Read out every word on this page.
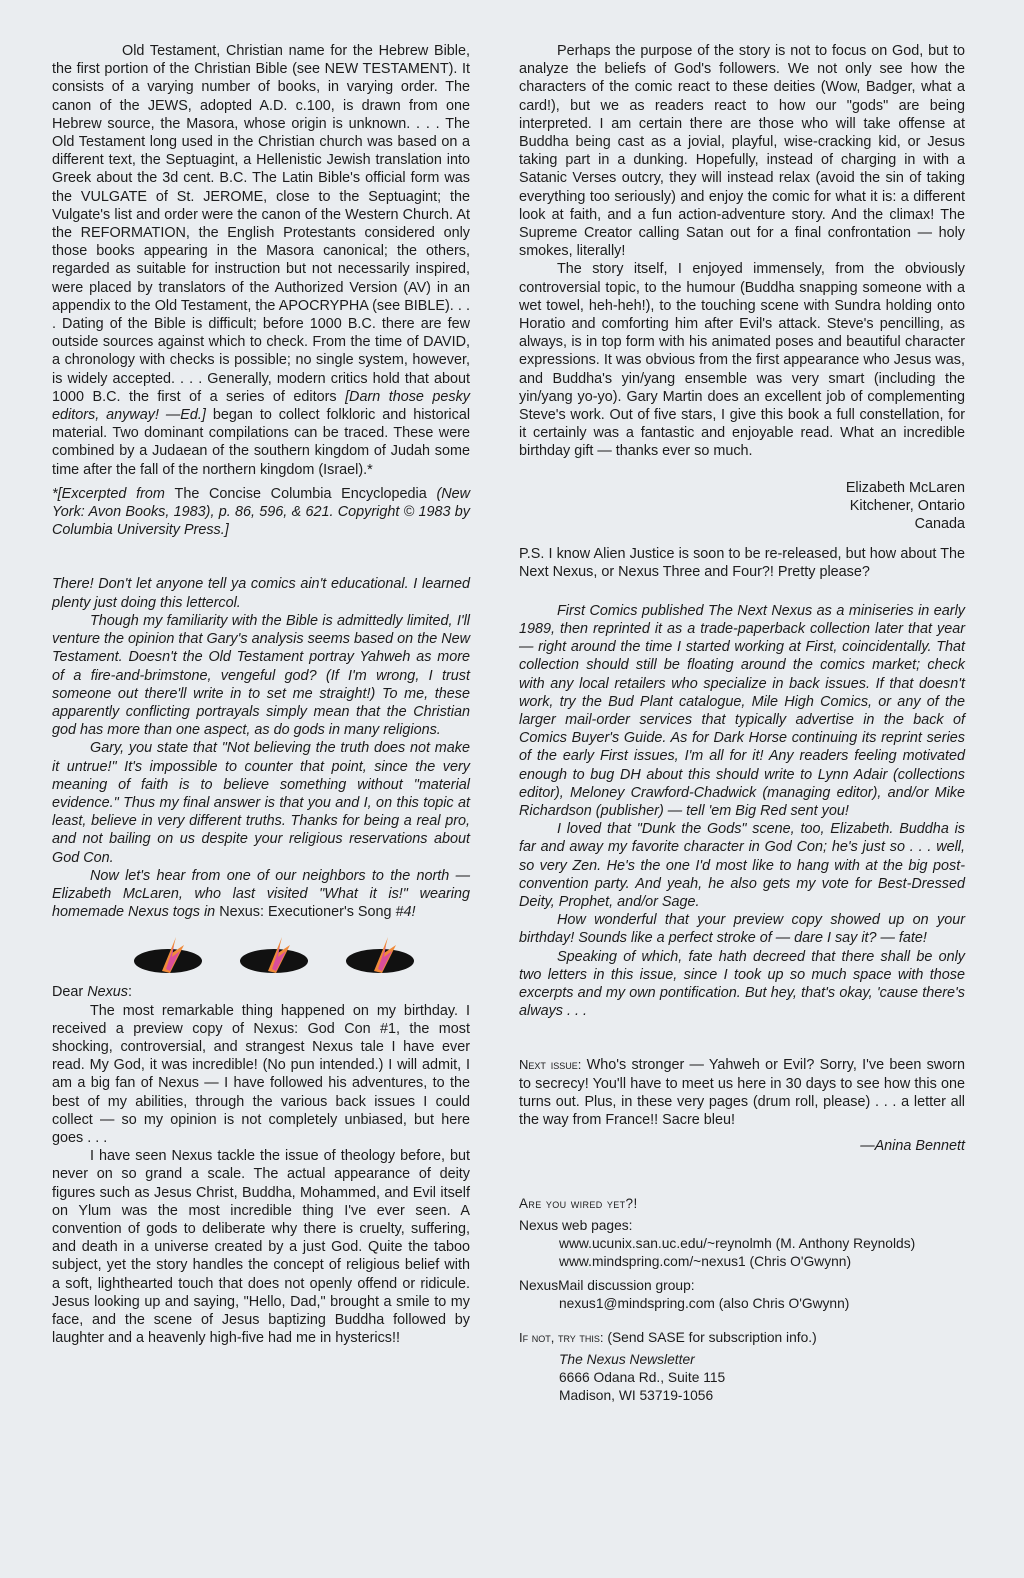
Old Testament, Christian name for the Hebrew Bible, the first portion of the Christian Bible (see NEW TESTAMENT). It consists of a varying number of books, in varying order. The canon of the JEWS, adopted A.D. c.100, is drawn from one Hebrew source, the Masora, whose origin is unknown. . . . The Old Testament long used in the Christian church was based on a different text, the Septuagint, a Hellenistic Jewish translation into Greek about the 3d cent. B.C. The Latin Bible's official form was the VULGATE of St. JEROME, close to the Septuagint; the Vulgate's list and order were the canon of the Western Church. At the REFORMATION, the English Protestants considered only those books appearing in the Masora canonical; the others, regarded as suitable for instruction but not necessarily inspired, were placed by translators of the Authorized Version (AV) in an appendix to the Old Testament, the APOCRYPHA (see BIBLE). . . . Dating of the Bible is difficult; before 1000 B.C. there are few outside sources against which to check. From the time of DAVID, a chronology with checks is possible; no single system, however, is widely accepted. . . . Generally, modern critics hold that about 1000 B.C. the first of a series of editors [Darn those pesky editors, anyway! —Ed.] began to collect folkloric and historical material. Two dominant compilations can be traced. These were combined by a Judaean of the southern kingdom of Judah some time after the fall of the northern kingdom (Israel).*

*[Excerpted from The Concise Columbia Encyclopedia (New York: Avon Books, 1983), p. 86, 596, & 621. Copyright © 1983 by Columbia University Press.]

There! Don't let anyone tell ya comics ain't educational. I learned plenty just doing this lettercol.

Though my familiarity with the Bible is admittedly limited, I'll venture the opinion that Gary's analysis seems based on the New Testament. Doesn't the Old Testament portray Yahweh as more of a fire-and-brimstone, vengeful god? (If I'm wrong, I trust someone out there'll write in to set me straight!) To me, these apparently conflicting portrayals simply mean that the Christian god has more than one aspect, as do gods in many religions.

Gary, you state that "Not believing the truth does not make it untrue!" It's impossible to counter that point, since the very meaning of faith is to believe something without "material evidence." Thus my final answer is that you and I, on this topic at least, believe in very different truths. Thanks for being a real pro, and not bailing on us despite your religious reservations about God Con.

Now let's hear from one of our neighbors to the north — Elizabeth McLaren, who last visited "What it is!" wearing homemade Nexus togs in Nexus: Executioner's Song #4!

Dear Nexus:

The most remarkable thing happened on my birthday. I received a preview copy of Nexus: God Con #1, the most shocking, controversial, and strangest Nexus tale I have ever read. My God, it was incredible! (No pun intended.) I will admit, I am a big fan of Nexus — I have followed his adventures, to the best of my abilities, through the various back issues I could collect — so my opinion is not completely unbiased, but here goes . . .

I have seen Nexus tackle the issue of theology before, but never on so grand a scale. The actual appearance of deity figures such as Jesus Christ, Buddha, Mohammed, and Evil itself on Ylum was the most incredible thing I've ever seen. A convention of gods to deliberate why there is cruelty, suffering, and death in a universe created by a just God. Quite the taboo subject, yet the story handles the concept of religious belief with a soft, lighthearted touch that does not openly offend or ridicule. Jesus looking up and saying, "Hello, Dad," brought a smile to my face, and the scene of Jesus baptizing Buddha followed by laughter and a heavenly high-five had me in hysterics!!

Perhaps the purpose of the story is not to focus on God, but to analyze the beliefs of God's followers. We not only see how the characters of the comic react to these deities (Wow, Badger, what a card!), but we as readers react to how our "gods" are being interpreted. I am certain there are those who will take offense at Buddha being cast as a jovial, playful, wise-cracking kid, or Jesus taking part in a dunking. Hopefully, instead of charging in with a Satanic Verses outcry, they will instead relax (avoid the sin of taking everything too seriously) and enjoy the comic for what it is: a different look at faith, and a fun action-adventure story. And the climax! The Supreme Creator calling Satan out for a final confrontation — holy smokes, literally!

The story itself, I enjoyed immensely, from the obviously controversial topic, to the humour (Buddha snapping someone with a wet towel, heh-heh!), to the touching scene with Sundra holding onto Horatio and comforting him after Evil's attack. Steve's pencilling, as always, is in top form with his animated poses and beautiful character expressions. It was obvious from the first appearance who Jesus was, and Buddha's yin/yang ensemble was very smart (including the yin/yang yo-yo). Gary Martin does an excellent job of complementing Steve's work. Out of five stars, I give this book a full constellation, for it certainly was a fantastic and enjoyable read. What an incredible birthday gift — thanks ever so much.

Elizabeth McLaren
Kitchener, Ontario
Canada

P.S. I know Alien Justice is soon to be re-released, but how about The Next Nexus, or Nexus Three and Four?! Pretty please?

First Comics published The Next Nexus as a miniseries in early 1989, then reprinted it as a trade-paperback collection later that year — right around the time I started working at First, coincidentally. That collection should still be floating around the comics market; check with any local retailers who specialize in back issues. If that doesn't work, try the Bud Plant catalogue, Mile High Comics, or any of the larger mail-order services that typically advertise in the back of Comics Buyer's Guide. As for Dark Horse continuing its reprint series of the early First issues, I'm all for it! Any readers feeling motivated enough to bug DH about this should write to Lynn Adair (collections editor), Meloney Crawford-Chadwick (managing editor), and/or Mike Richardson (publisher) — tell 'em Big Red sent you!

I loved that "Dunk the Gods" scene, too, Elizabeth. Buddha is far and away my favorite character in God Con; he's just so . . . well, so very Zen. He's the one I'd most like to hang with at the big post-convention party. And yeah, he also gets my vote for Best-Dressed Deity, Prophet, and/or Sage.

How wonderful that your preview copy showed up on your birthday! Sounds like a perfect stroke of — dare I say it? — fate!

Speaking of which, fate hath decreed that there shall be only two letters in this issue, since I took up so much space with those excerpts and my own pontification. But hey, that's okay, 'cause there's always . . .

Next issue: Who's stronger — Yahweh or Evil? Sorry, I've been sworn to secrecy! You'll have to meet us here in 30 days to see how this one turns out. Plus, in these very pages (drum roll, please) . . . a letter all the way from France!! Sacre bleu!

—Anina Bennett

Are you wired yet?!

Nexus web pages:
www.ucunix.san.uc.edu/~reynolmh (M. Anthony Reynolds)
www.mindspring.com/~nexus1 (Chris O'Gwynn)
NexusMail discussion group:
nexus1@mindspring.com (also Chris O'Gwynn)
If not, try this: (Send SASE for subscription info.)
The Nexus Newsletter
6666 Odana Rd., Suite 115
Madison, WI 53719-1056
